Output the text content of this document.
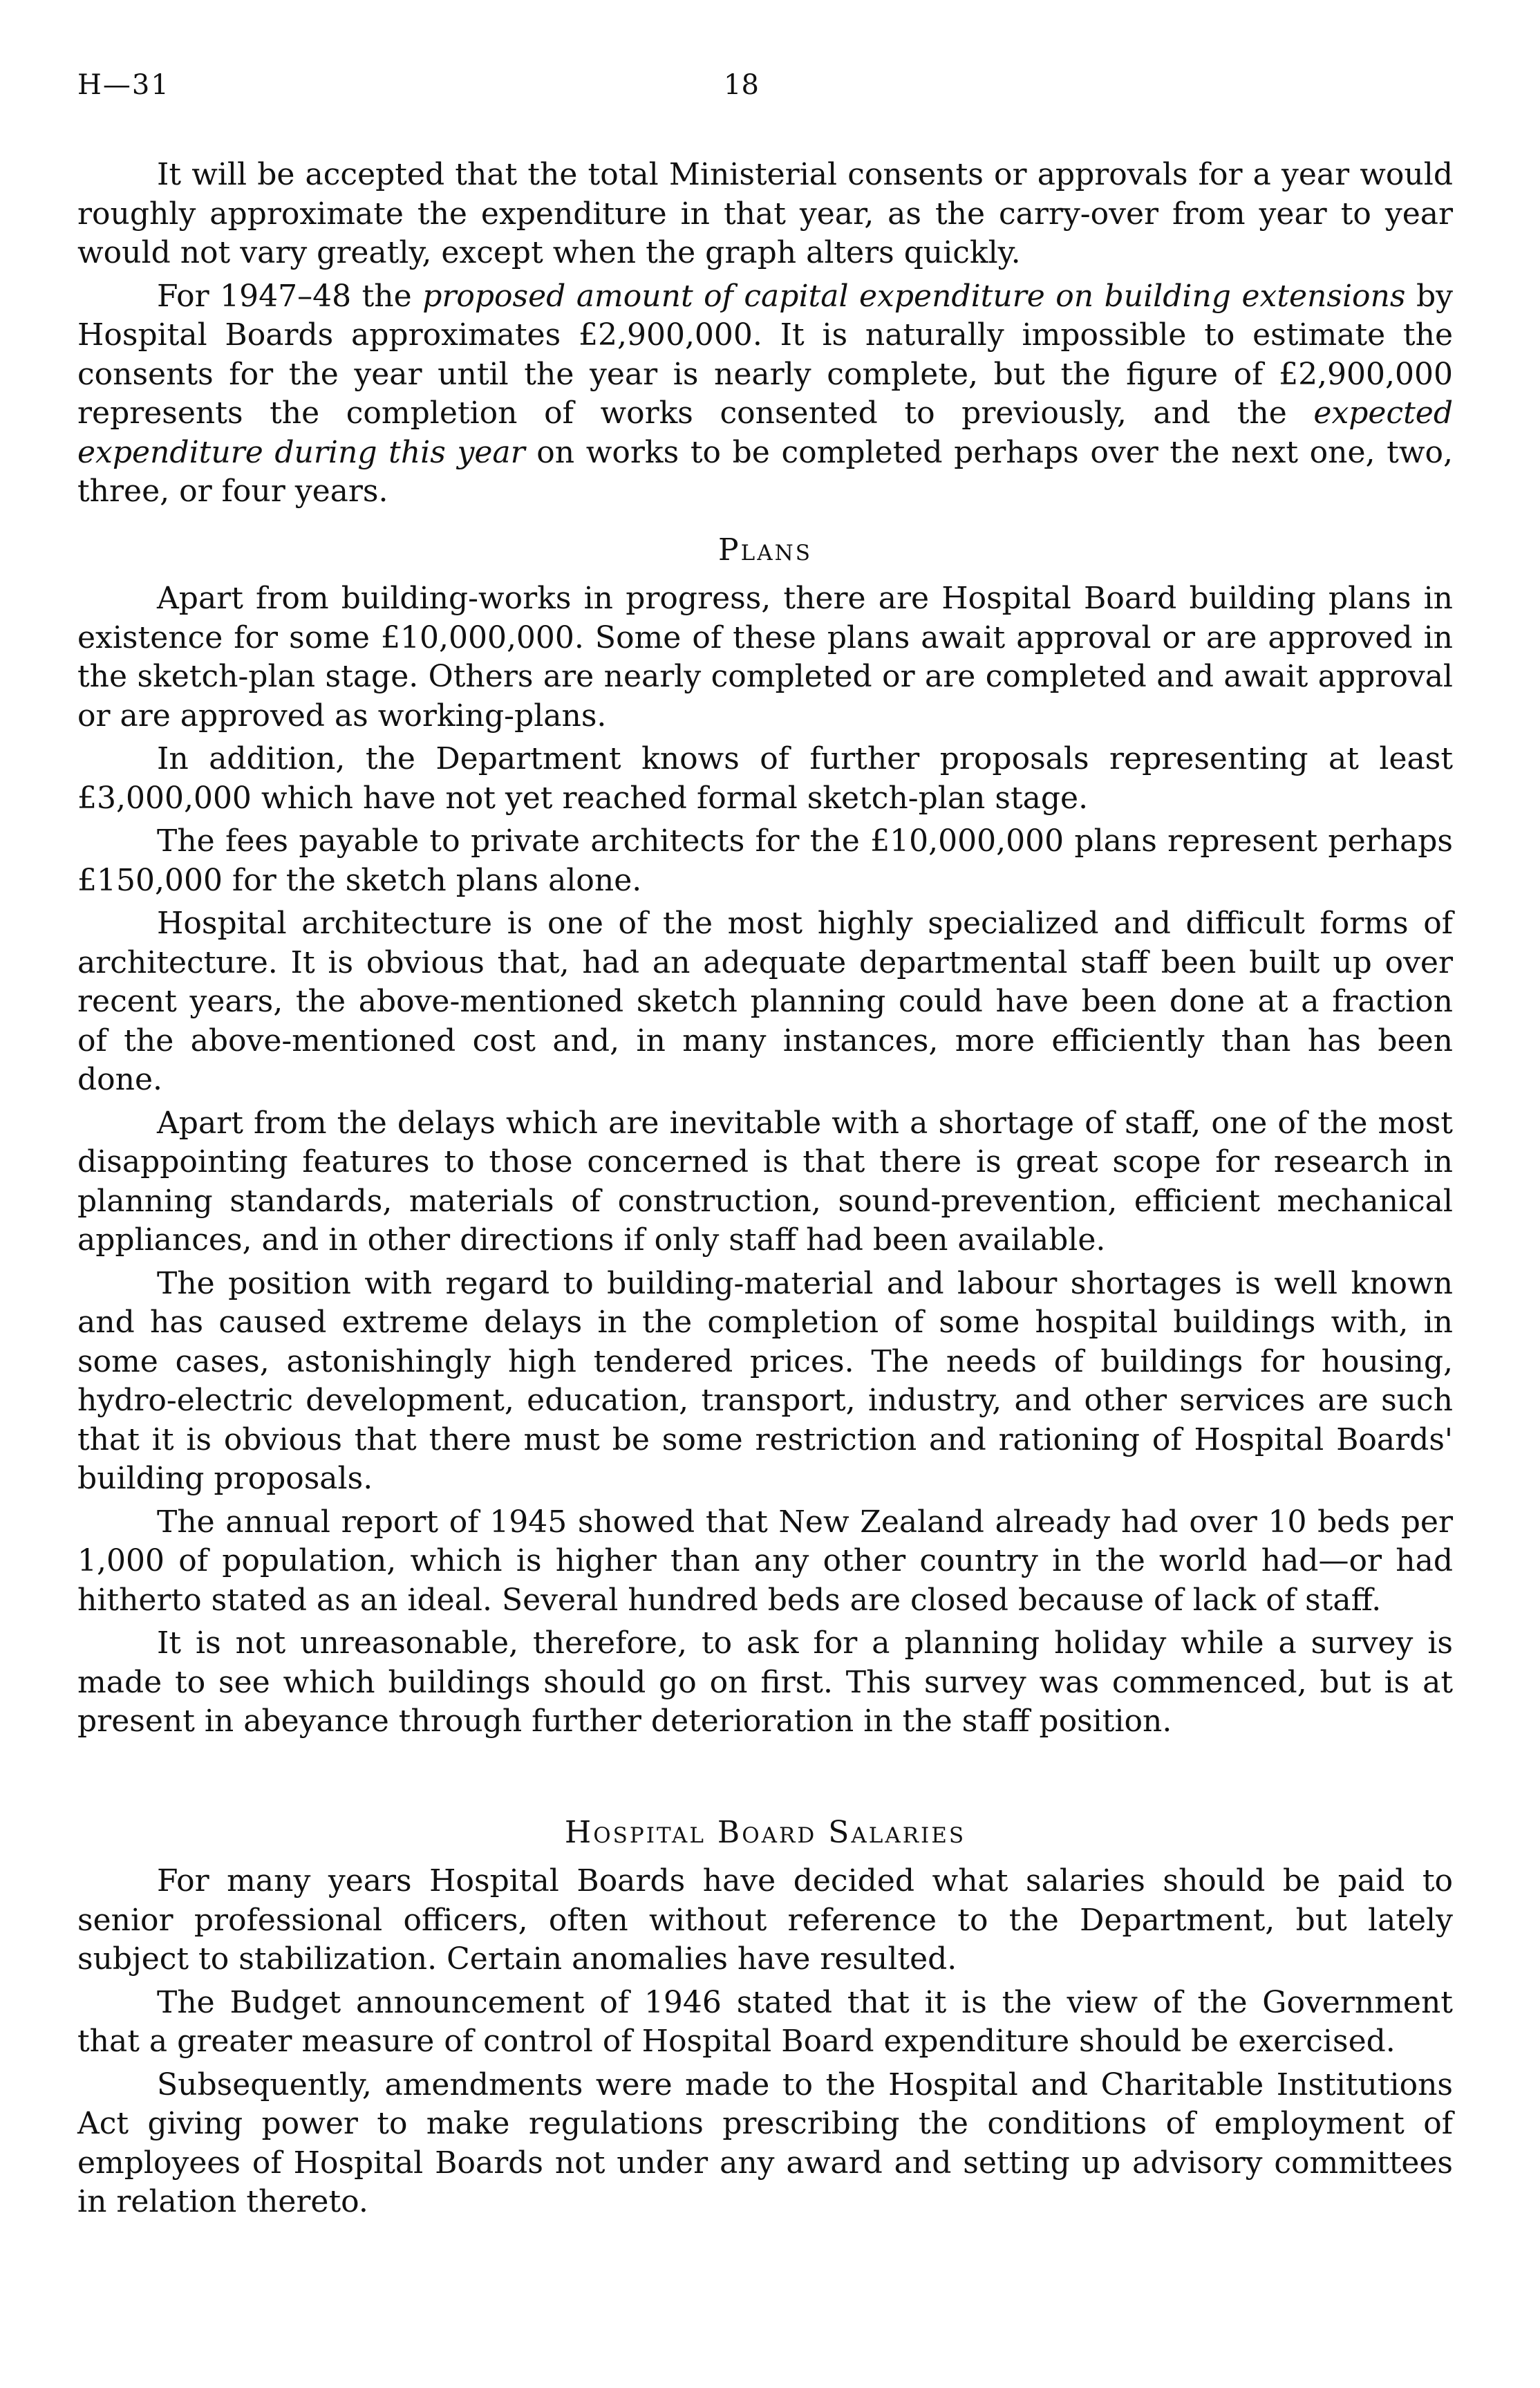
H—31	18

It will be accepted that the total Ministerial consents or approvals for a year would roughly approximate the expenditure in that year, as the carry-over from year to year would not vary greatly, except when the graph alters quickly.

For 1947–48 the proposed amount of capital expenditure on building extensions by Hospital Boards approximates £2,900,000. It is naturally impossible to estimate the consents for the year until the year is nearly complete, but the figure of £2,900,000 represents the completion of works consented to previously, and the expected expenditure during this year on works to be completed perhaps over the next one, two, three, or four years.

Plans

Apart from building-works in progress, there are Hospital Board building plans in existence for some £10,000,000. Some of these plans await approval or are approved in the sketch-plan stage. Others are nearly completed or are completed and await approval or are approved as working-plans.

In addition, the Department knows of further proposals representing at least £3,000,000 which have not yet reached formal sketch-plan stage.

The fees payable to private architects for the £10,000,000 plans represent perhaps £150,000 for the sketch plans alone.

Hospital architecture is one of the most highly specialized and difficult forms of architecture. It is obvious that, had an adequate departmental staff been built up over recent years, the above-mentioned sketch planning could have been done at a fraction of the above-mentioned cost and, in many instances, more efficiently than has been done.

Apart from the delays which are inevitable with a shortage of staff, one of the most disappointing features to those concerned is that there is great scope for research in planning standards, materials of construction, sound-prevention, efficient mechanical appliances, and in other directions if only staff had been available.

The position with regard to building-material and labour shortages is well known and has caused extreme delays in the completion of some hospital buildings with, in some cases, astonishingly high tendered prices. The needs of buildings for housing, hydro-electric development, education, transport, industry, and other services are such that it is obvious that there must be some restriction and rationing of Hospital Boards' building proposals.

The annual report of 1945 showed that New Zealand already had over 10 beds per 1,000 of population, which is higher than any other country in the world had—or had hitherto stated as an ideal. Several hundred beds are closed because of lack of staff.

It is not unreasonable, therefore, to ask for a planning holiday while a survey is made to see which buildings should go on first. This survey was commenced, but is at present in abeyance through further deterioration in the staff position.

Hospital Board Salaries

For many years Hospital Boards have decided what salaries should be paid to senior professional officers, often without reference to the Department, but lately subject to stabilization. Certain anomalies have resulted.

The Budget announcement of 1946 stated that it is the view of the Government that a greater measure of control of Hospital Board expenditure should be exercised.

Subsequently, amendments were made to the Hospital and Charitable Institutions Act giving power to make regulations prescribing the conditions of employment of employees of Hospital Boards not under any award and setting up advisory committees in relation thereto.
